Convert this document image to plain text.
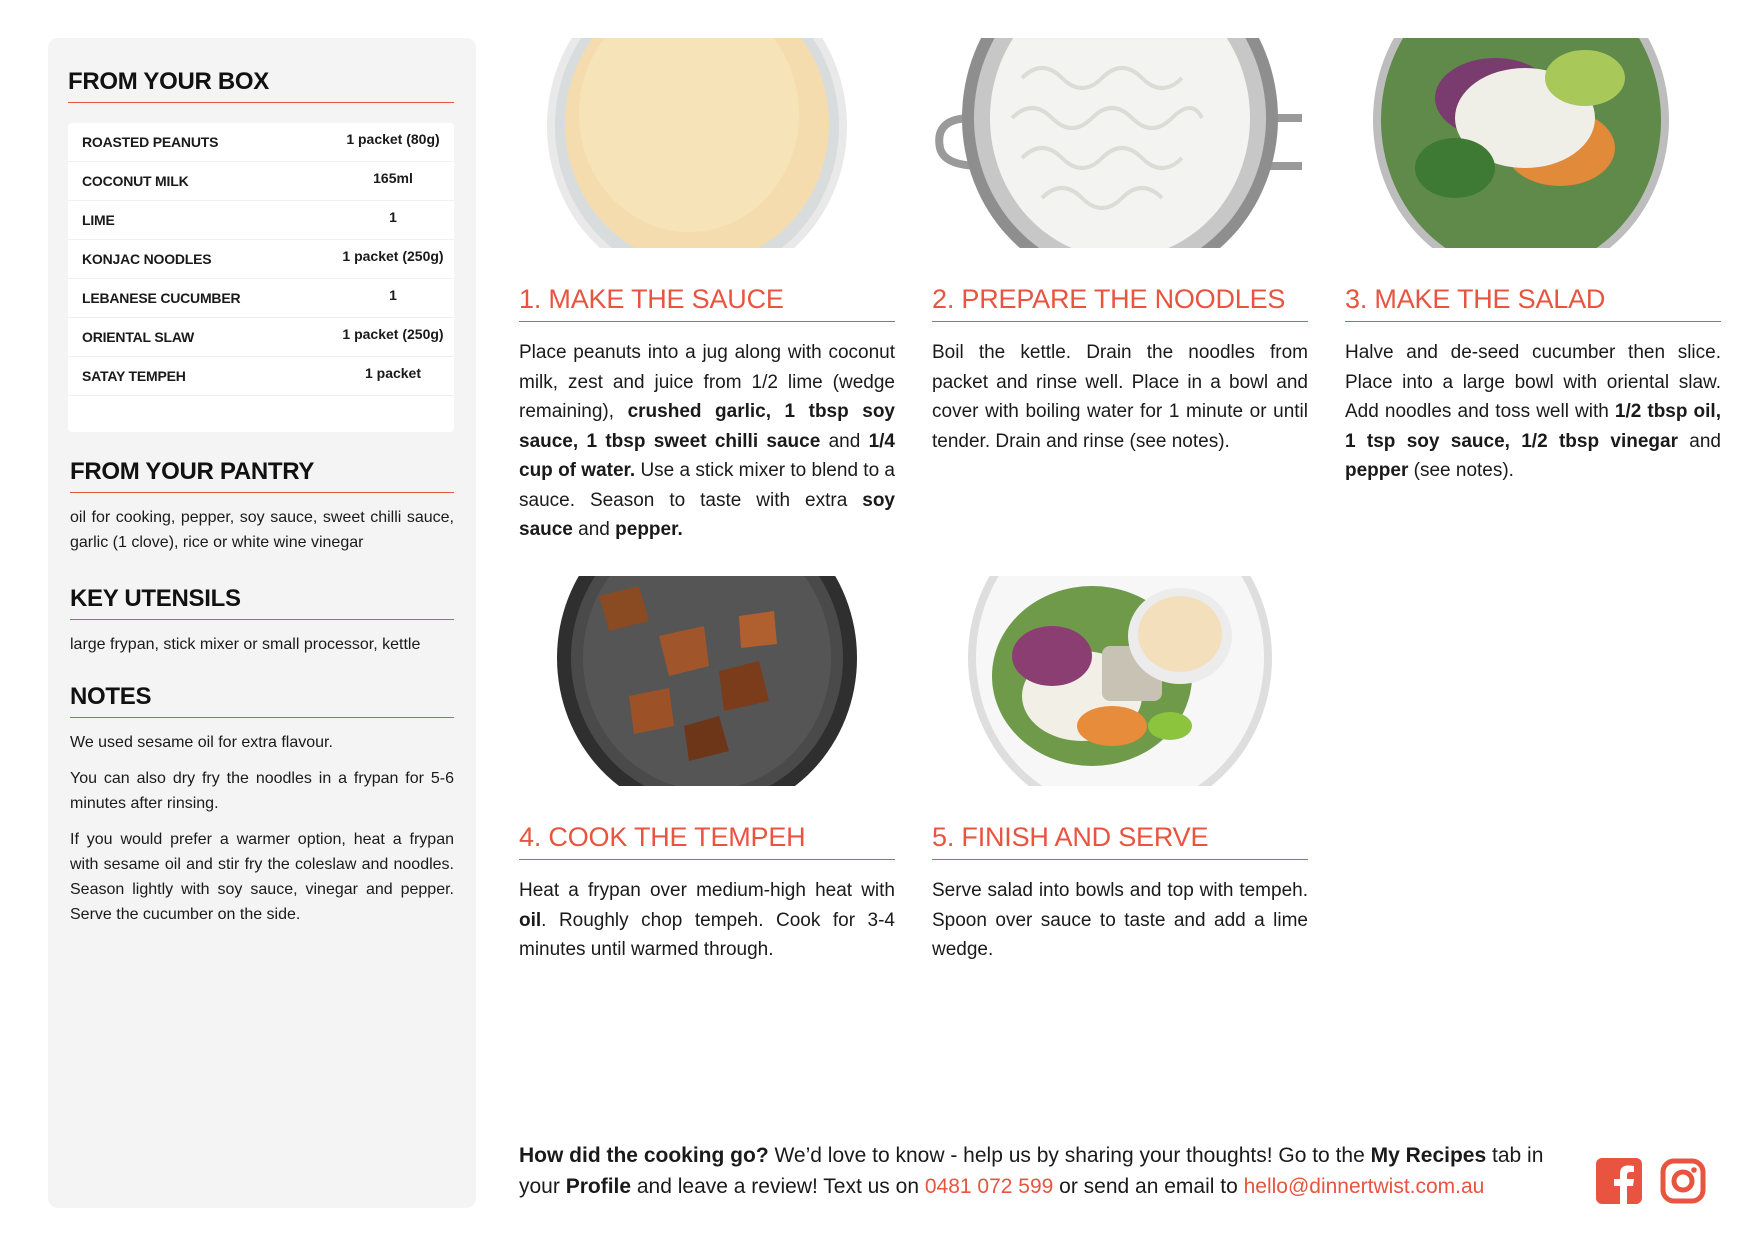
FROM YOUR BOX
ROASTED PEANUTS	1 packet (80g)
COCONUT MILK	165ml
LIME	1
KONJAC NOODLES	1 packet (250g)
LEBANESE CUCUMBER	1
ORIENTAL SLAW	1 packet (250g)
SATAY TEMPEH	1 packet
FROM YOUR PANTRY
oil for cooking, pepper, soy sauce, sweet chilli sauce, garlic (1 clove), rice or white wine vinegar
KEY UTENSILS
large frypan, stick mixer or small processor, kettle
NOTES

We used sesame oil for extra flavour.

You can also dry fry the noodles in a frypan for 5-6 minutes after rinsing.

If you would prefer a warmer option, heat a frypan with sesame oil and stir fry the coleslaw and noodles. Season lightly with soy sauce, vinegar and pepper. Serve the cucumber on the side.

1. MAKE THE SAUCE
Place peanuts into a jug along with coconut milk, zest and juice from 1/2 lime (wedge remaining), crushed garlic, 1 tbsp soy sauce, 1 tbsp sweet chilli sauce and 1/4 cup of water. Use a stick mixer to blend to a sauce. Season to taste with extra soy sauce and pepper.
2. PREPARE THE NOODLES
Boil the kettle. Drain the noodles from packet and rinse well. Place in a bowl and cover with boiling water for 1 minute or until tender. Drain and rinse (see notes).
3. MAKE THE SALAD
Halve and de-seed cucumber then slice. Place into a large bowl with oriental slaw. Add noodles and toss well with 1/2 tbsp oil, 1 tsp soy sauce, 1/2 tbsp vinegar and pepper (see notes).
4. COOK THE TEMPEH
Heat a frypan over medium-high heat with oil. Roughly chop tempeh. Cook for 3-4 minutes until warmed through.
5. FINISH AND SERVE
Serve salad into bowls and top with tempeh. Spoon over sauce to taste and add a lime wedge.
How did the cooking go? We’d love to know - help us by sharing your thoughts! Go to the My Recipes tab in your Profile and leave a review! Text us on 0481 072 599 or send an email to hello@dinnertwist.com.au
